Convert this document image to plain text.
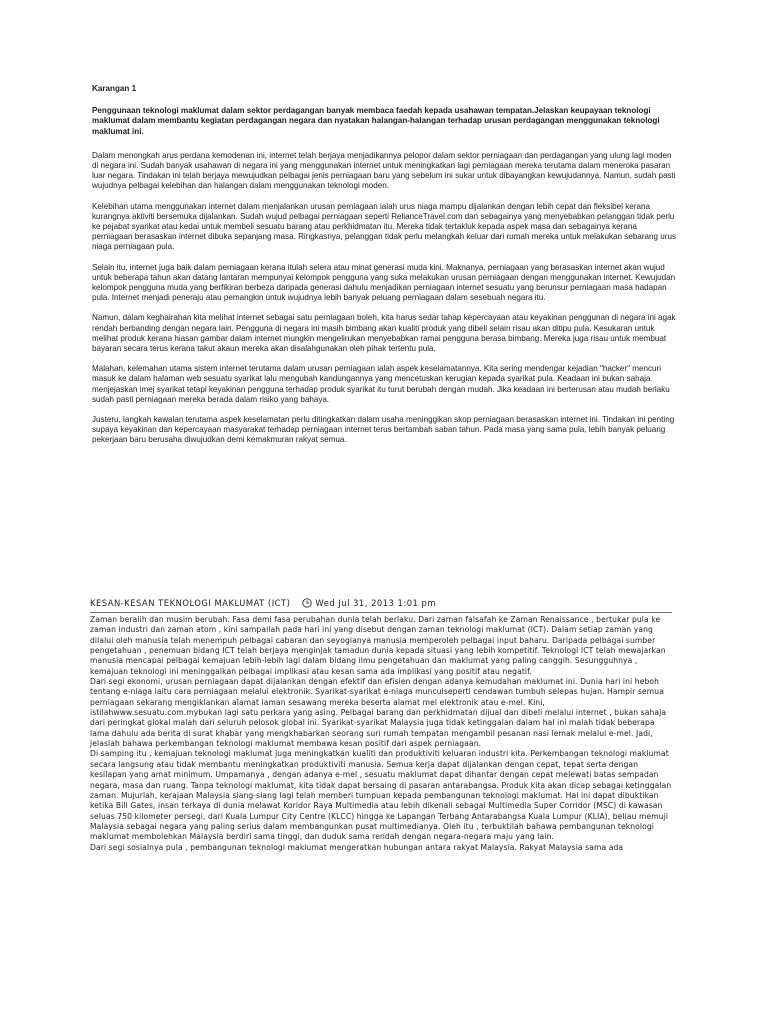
Karangan 1

Penggunaan teknologi maklumat dalam sektor perdagangan banyak membaca faedah kepada usahawan tempatan.Jelaskan keupayaan teknologi maklumat dalam membantu kegiatan perdagangan negara dan nyatakan halangan-halangan terhadap urusan perdagangan menggunakan teknologi maklumat ini.

Dalam menongkah arus perdana kemodenan ini, internet telah berjaya menjadikannya pelopor dalam sektor perniagaan dan perdagangan yang ulung lagi moden di negara ini. Sudah banyak usahawan di negara ini yang menggunakan internet untuk meningkatkan lagi perniagaan mereka terutama dalam meneroka pasaran luar negara. Tindakan ini telah berjaya mewujudkan pelbagai jenis perniagaan baru yang sebelum ini sukar untuk dibayangkan kewujudannya. Namun, sudah pasti wujudnya pelbagai kelebihan dan halangan dalam menggunakan teknologi moden.

Kelebihan utama menggunakan internet dalam menjalankan urusan perniagaan ialah urus niaga mampu dijalankan dengan lebih cepat dan fleksibel kerana kurangnya aktiviti bersemuka dijalankan. Sudah wujud pelbagai perniagaan seperti RelianceTravel.com dan sebagainya yang menyebabkan pelanggan tidak perlu ke pejabat syarikat atau kedai untuk membeli sesuatu barang atau perkhidmatan itu. Mereka tidak tertakluk kepada aspek masa dan sebagainya kerana perniagaan berasaskan internet dibuka sepanjang masa. Ringkasnya, pelanggan tidak perlu melangkah keluar dari rumah mereka untuk melakukan sebarang urus niaga perniagaan pula.

Selain itu, internet juga baik dalam perniagaan kerana itulah selera atau minat generasi muda kini. Maknanya, perniagaan yang berasaskan internet akan wujud untuk beberapa tahun akan datang lantaran mempunyai kelompok pengguna yang suka melakukan urusan perniagaan dengan menggunakan internet. Kewujudan kelompok pengguna muda yang berfikiran berbeza daripada generasi dahulu menjadikan perniagaan internet sesuatu yang berunsur perniagaan masa hadapan pula. Internet menjadi peneraju atau pemangkin untuk wujudnya lebih banyak peluang perniagaan dalam sesebuah negara itu.

Namun, dalam keghairahan kita melihat internet sebagai satu perniagaan boleh, kita harus sedar tahap kepercayaan atau keyakinan penggunan di negara ini agak rendah berbanding dengan negara lain. Pengguna di negara ini masih bimbang akan kualiti produk yang dibeli selain risau akan ditipu pula. Kesukaran untuk melihat produk kerana hiasan gambar dalam internet mungkin mengelirukan menyebabkan ramai pengguna berasa bimbang. Mereka juga risau untuk membuat bayaran secara terus kerana takut akaun mereka akan disalahgunakan oleh pihak tertentu pula.

Malahan, kelemahan utama sistem internet terutama dalam urusan perniagaan ialah aspek keselamatannya. Kita sering mendengar kejadian "hacker" mencuri masuk ke dalam halaman web sesuatu syarikat lalu mengubah kandungannya yang mencetuskan kerugian kepada syarikat pula. Keadaan ini bukan sahaja menjejaskan imej syarikat tetapi keyakinan pengguna terhadap produk syarikat itu turut berubah dengan mudah. Jika keadaan ini berterusan atau mudah berlaku sudah pasti perniagaan mereka berada dalam risiko yang bahaya.

Justeru, langkah kawalan terutama aspek keselamatan perlu ditingkatkan dalam usaha meninggikan skop perniagaan berasaskan internet ini. Tindakan ini penting supaya keyakinan dan kepercayaan masyarakat terhadap perniagaan internet terus bertambah saban tahun. Pada masa yang sama pula, lebih banyak peluang pekerjaan baru berusaha diwujudkan demi kemakmuran rakyat semua.

KESAN-KESAN TEKNOLOGI MAKLUMAT (ICT)	Wed Jul 31, 2013 1:01 pm

Zaman beralih dan musim berubah. Fasa demi fasa perubahan dunia telah berlaku. Dari zaman falsafah ke Zaman Renaissance , bertukar pula ke zaman industri dan zaman atom , kini sampailah pada hari ini yang disebut dengan zaman teknologi maklumat (ICT). Dalam setiap zaman yang dilalui oleh manusia telah menempuh pelbagai cabaran dan seyogianya manusia memperoleh pelbagai input baharu. Daripada pelbagai sumber pengetahuan , penemuan bidang ICT telah berjaya menginjak tamadun dunia kepada situasi yang lebih kompetitif. Teknologi ICT telah mewajarkan manusia mencapai pelbagai kemajuan lebih-lebih lagi dalam bidang ilmu pengetahuan dan maklumat yang paling canggih. Sesungguhnya , kemajuan teknologi ini meninggalkan pelbagai implikasi atau kesan sama ada implikasi yang positif atau negatif.

Dari segi ekonomi, urusan perniagaan dapat dijalankan dengan efektif dan efisien dengan adanya kemudahan maklumat ini. Dunia hari ini heboh tentang e-niaga iaitu cara perniagaan melalui elektronik. Syarikat-syarikat e-niaga munculseperti cendawan tumbuh selepas hujan. Hampir semua perniagaan sekarang mengiklankan alamat laman sesawang mereka beserta alamat mel elektronik atau e-mel. Kini, istilahwww.sesuatu.com.mybukan lagi satu perkara yang asing. Pelbagai barang dan perkhidmatan dijual dan dibeli melalui internet , bukan sahaja dari peringkat glokal malah dari seluruh pelosok global ini. Syarikat-syarikat Malaysia juga tidak ketinggalan dalam hal ini malah tidak beberapa lama dahulu ada berita di surat khabar yang mengkhabarkan seorang suri rumah tempatan mengambil pesanan nasi lemak melalui e-mel. Jadi, jelaslah bahawa perkembangan teknologi maklumat membawa kesan positif dari aspek perniagaan.

Di samping itu , kemajuan teknologi maklumat juga meningkatkan kualiti dan produktiviti keluaran industri kita. Perkembangan teknologi maklumat secara langsung atau tidak membantu meningkatkan produktiviti manusia. Semua kerja dapat dijalankan dengan cepat, tepat serta dengan kesilapan yang amat minimum. Umpamanya , dengan adanya e-mel , sesuatu maklumat dapat dihantar dengan cepat melewati batas sempadan negara, masa dan ruang. Tanpa teknologi maklumat, kita tidak dapat bersaing di pasaran antarabangsa. Produk kita akan dicap sebagai ketinggalan zaman. Mujurlah, kerajaan Malaysia siang-siang lagi telah memberi tumpuan kepada pembangunan teknologi maklumat. Hal ini dapat dibuktikan ketika Bill Gates, insan terkaya di dunia melawat Koridor Raya Multimedia atau lebih dikenali sebagai Multimedia Super Corridor (MSC) di kawasan seluas 750 kilometer persegi, dari Kuala Lumpur City Centre (KLCC) hingga ke Lapangan Terbang Antarabangsa Kuala Lumpur (KLIA), beliau memuji Malaysia sebagai negara yang paling serius dalam membangunkan pusat multimedianya. Oleh itu , terbuktilah bahawa pembangunan teknologi maklumat membolehkan Malaysia berdiri sama tinggi, dan duduk sama rendah dengan negara-negara maju yang lain.

Dari segi sosialnya pula , pembangunan teknologi maklumat mengeratkan hubungan antara rakyat Malaysia. Rakyat Malaysia sama ada
